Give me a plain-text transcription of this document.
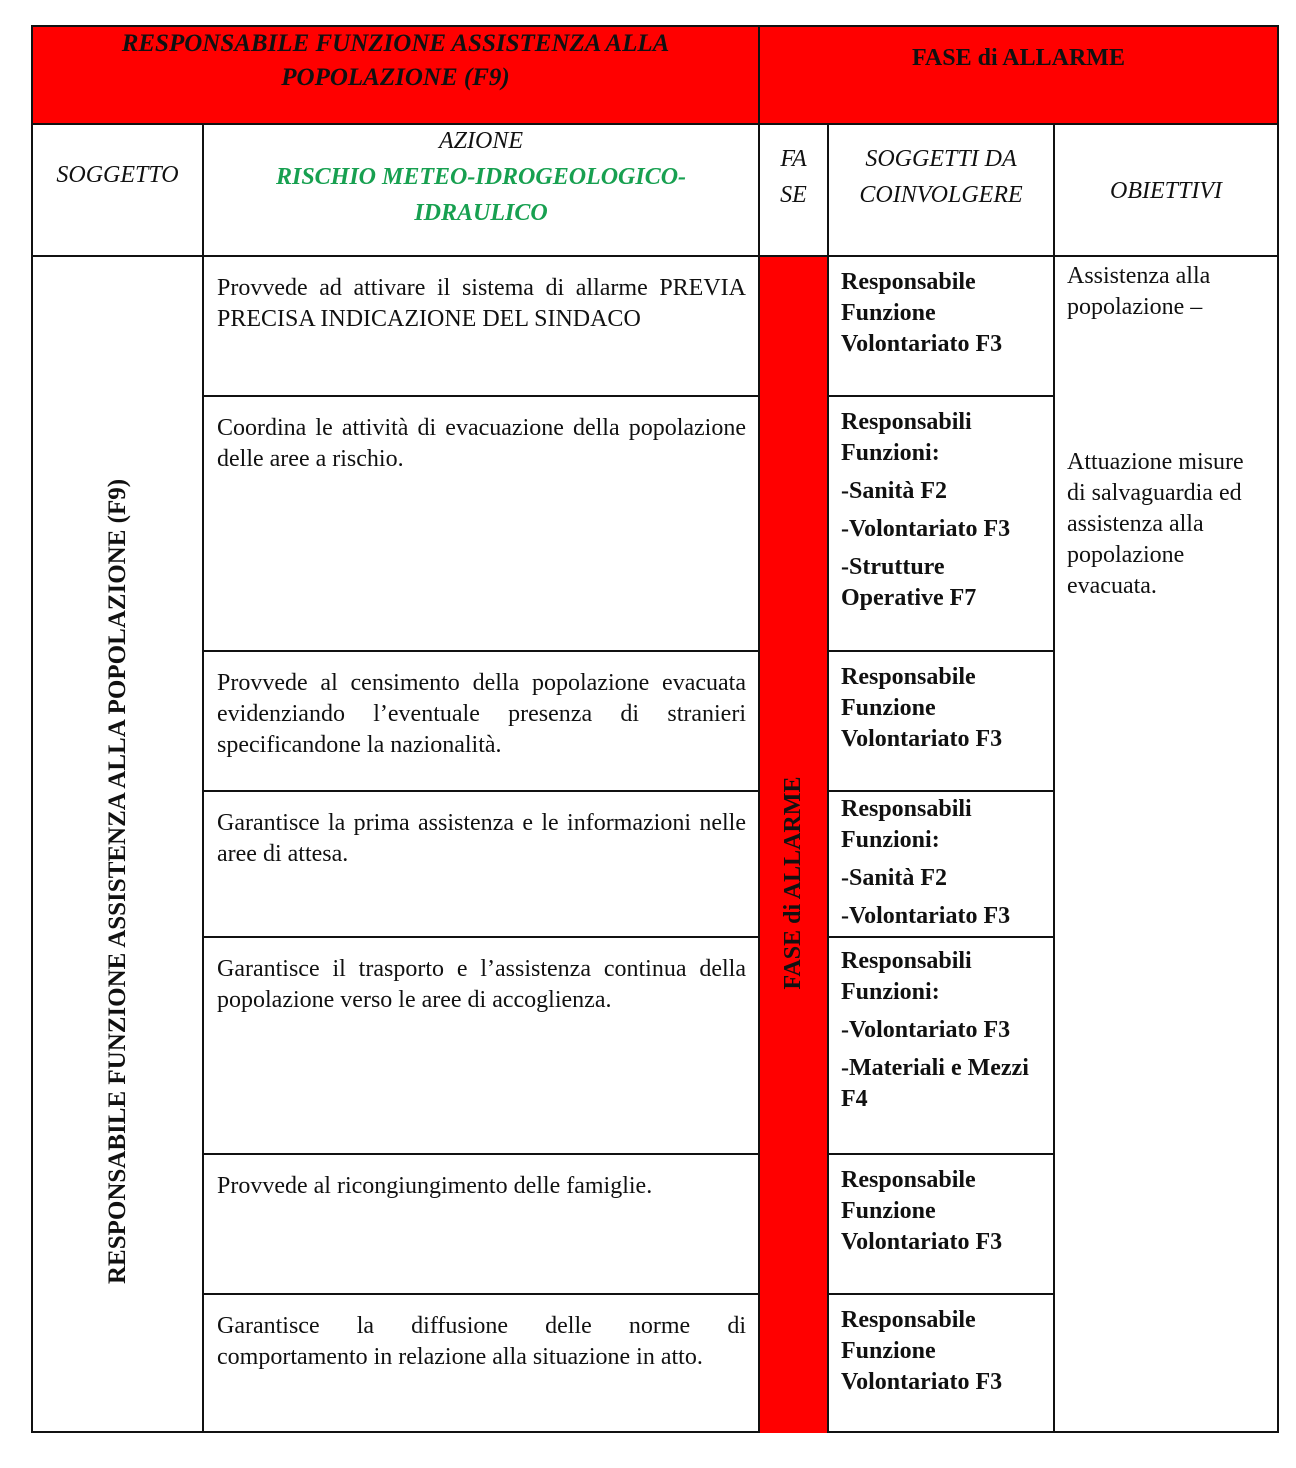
RESPONSABILE FUNZIONE ASSISTENZA ALLA
POPOLAZIONE (F9)
FASE di ALLARME
SOGGETTO
AZIONE
RISCHIO METEO-IDROGEOLOGICO-
IDRAULICO
FA
SE
SOGGETTI DA
COINVOLGERE	OBIETTIVI
RESPONSABILE FUNZIONE ASSISTENZA ALLA POPOLAZIONE (F9)	FASE di ALLARME
Provvede ad attivare il sistema di allarme PREVIA PRECISA INDICAZIONE DEL SINDACO
Coordina le attività di evacuazione della popolazione delle aree a rischio.
Provvede al censimento della popolazione evacuata evidenziando l’eventuale presenza di stranieri specificandone la nazionalità.
Garantisce la prima assistenza e le informazioni nelle aree di attesa.
Garantisce il trasporto e l’assistenza continua della popolazione verso le aree di accoglienza.
Provvede al ricongiungimento delle famiglie.
Garantisce la diffusione delle norme di comportamento in relazione alla situazione in atto.

Responsabile Funzione Volontariato F3

Responsabili Funzioni:

-Sanità F2

-Volontariato F3

-Strutture Operative F7

Responsabile Funzione Volontariato F3

Responsabili Funzioni:

-Sanità F2

-Volontariato F3

Responsabili Funzioni:

-Volontariato F3

-Materiali e Mezzi F4

Responsabile Funzione Volontariato F3

Responsabile Funzione Volontariato F3

Assistenza alla popolazione –
Attuazione misure di salvaguardia ed assistenza alla popolazione evacuata.
